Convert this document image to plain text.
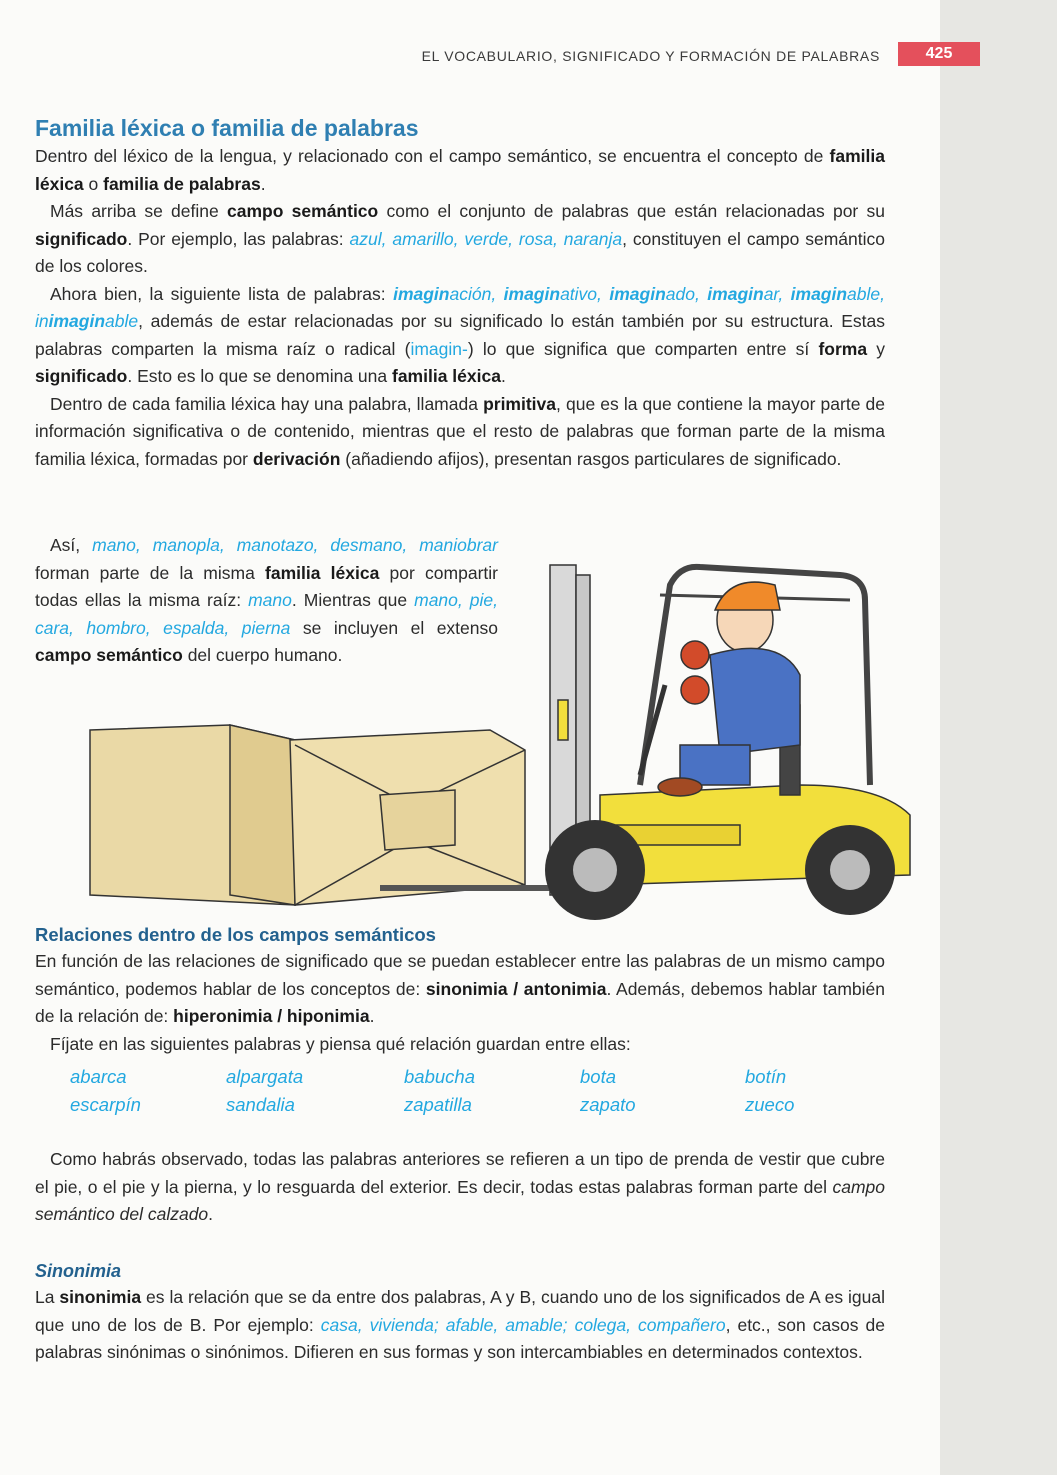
EL VOCABULARIO, SIGNIFICADO Y FORMACIÓN DE PALABRAS	425
Familia léxica o familia de palabras

Dentro del léxico de la lengua, y relacionado con el campo semántico, se encuentra el concepto de familia léxica o familia de palabras.

Más arriba se define campo semántico como el conjunto de palabras que están relacionadas por su significado. Por ejemplo, las palabras: azul, amarillo, verde, rosa, naranja, constituyen el campo semántico de los colores.

Ahora bien, la siguiente lista de palabras: imaginación, imaginativo, imaginado, imaginar, imaginable, inimaginable, además de estar relacionadas por su significado lo están también por su estructura. Estas palabras comparten la misma raíz o radical (imagin-) lo que significa que comparten entre sí forma y significado. Esto es lo que se denomina una familia léxica.

Dentro de cada familia léxica hay una palabra, llamada primitiva, que es la que contiene la mayor parte de información significativa o de contenido, mientras que el resto de palabras que forman parte de la misma familia léxica, formadas por derivación (añadiendo afijos), presentan rasgos particulares de significado.

Así, mano, manopla, manotazo, desmano, maniobrar forman parte de la misma familia léxica por compartir todas ellas la misma raíz: mano. Mientras que mano, pie, cara, hombro, espalda, pierna se incluyen el extenso campo semántico del cuerpo humano.

Relaciones dentro de los campos semánticos

En función de las relaciones de significado que se puedan establecer entre las palabras de un mismo campo semántico, podemos hablar de los conceptos de: sinonimia / antonimia. Además, debemos hablar también de la relación de: hiperonimia / hiponimia.

Fíjate en las siguientes palabras y piensa qué relación guardan entre ellas:

abarca	alpargata	babucha	bota	botín
escarpín	sandalia	zapatilla	zapato	zueco

Como habrás observado, todas las palabras anteriores se refieren a un tipo de prenda de vestir que cubre el pie, o el pie y la pierna, y lo resguarda del exterior. Es decir, todas estas palabras forman parte del campo semántico del calzado.

Sinonimia

La sinonimia es la relación que se da entre dos palabras, A y B, cuando uno de los significados de A es igual que uno de los de B. Por ejemplo: casa, vivienda; afable, amable; colega, compañero, etc., son casos de palabras sinónimas o sinónimos. Difieren en sus formas y son intercambiables en determinados contextos.
